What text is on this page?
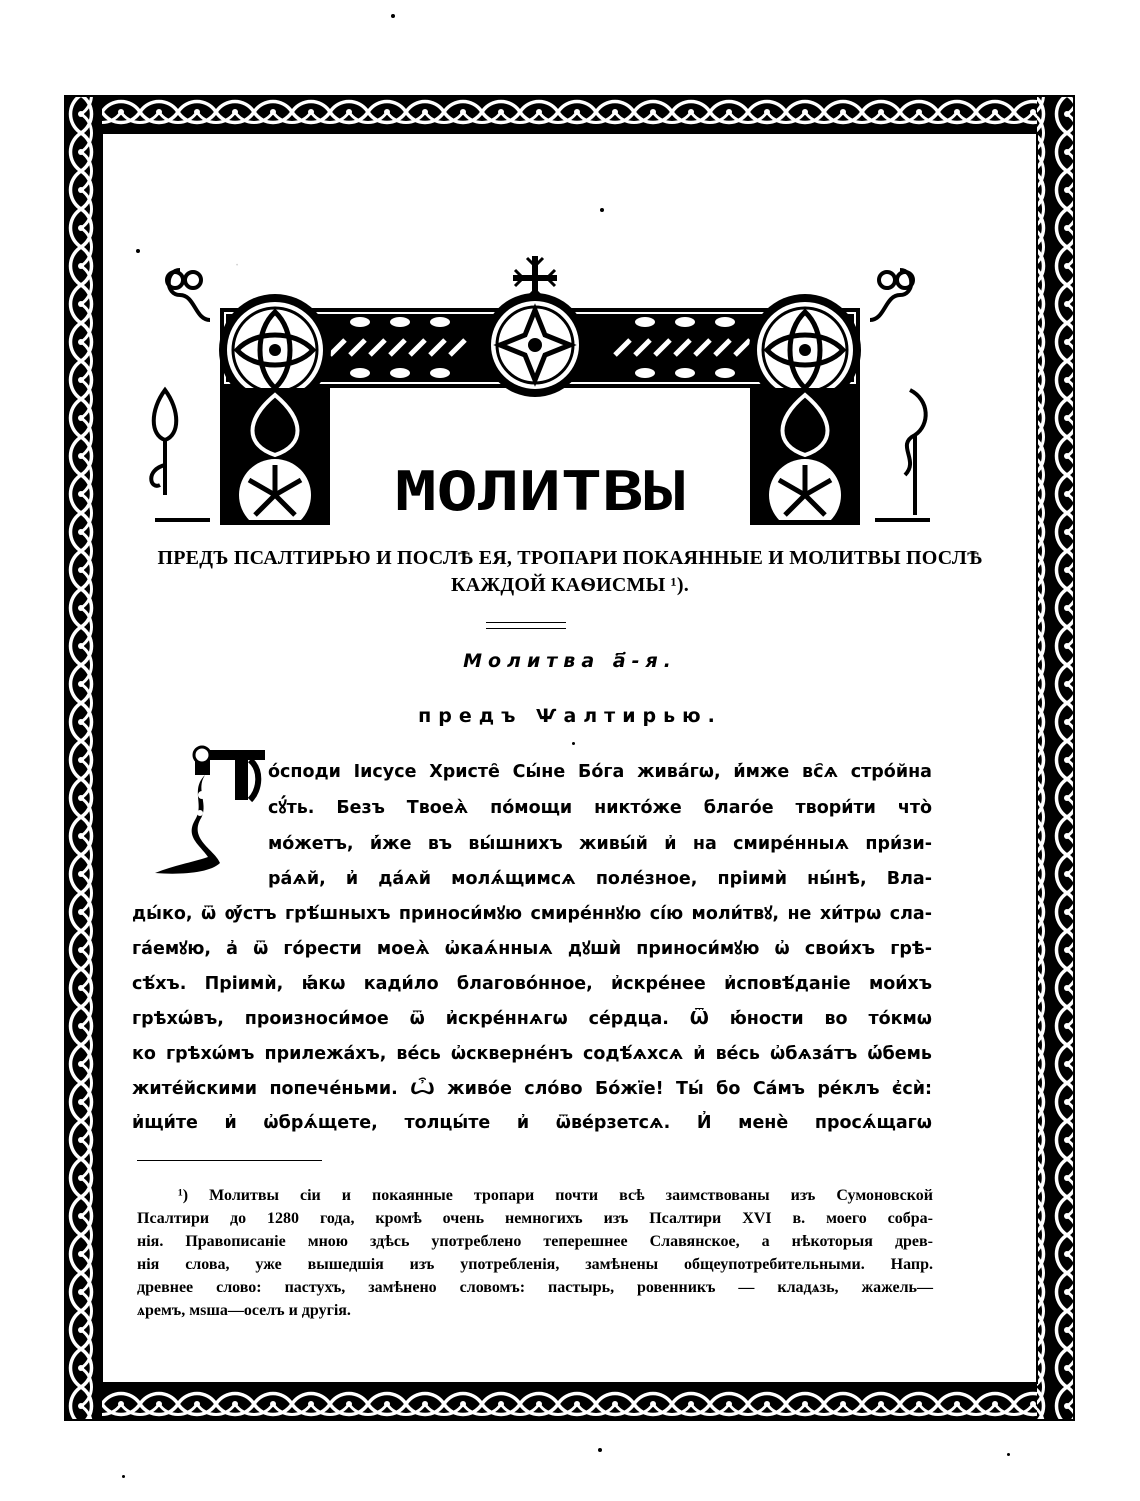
·
МОЛИТВЫ
ПРЕДЪ ПСАЛТИРЬЮ И ПОСЛѢ ЕЯ, ТРОПАРИ ПОКАЯННЫЕ И МОЛИТВЫ ПОСЛѢ
КАЖДОЙ КАѲИСМЫ ¹).
Молитва а҃-я.
предъ Ѱалтирью.
о́споди Іисусе Христе̑ Сы́не Бо́га жива́гѡ, и҆́мже вс҄ѧ стро́йна
сꙋ́ть. Безъ Твоеѧ̀ по́мощи никто́же благо́е твори́ти что̀
мо́жетъ, и҆́же въ вы́шнихъ живы́й и҆ на смире́нныѧ при́зи-
ра́ѧй, и҆ да́ѧй молѧ́щимсѧ поле́зное, пріимѝ ны́нѣ, Вла-
ды́ко, ѿ ѹ҆́стъ грѣ́шныхъ приноси́мꙋю смире́ннꙋю сі́ю моли́твꙋ, не хи́трѡ сла-
га́емꙋю, а҆ ѿ го́рести моеѧ̀ ѡ҆каѧ́нныѧ дꙋшѝ приноси́мꙋю ѡ҆ свои́хъ грѣ-
сѣ́хъ. Пріимѝ, ꙗ҆́кѡ кади́ло благово́нное, и҆скре́нее и҆сповѣ́даніе мои́хъ
грѣхѡ́въ, произноси́мое ѿ и҆скре́ннѧгѡ се́рдца. Ѿ ю҆́ности во то́кмѡ
ко грѣхѡ́мъ прилежа́хъ, ве́сь ѡ҆скверне́нъ содѣ́ѧхсѧ и҆ ве́сь ѡ҆бѧза́тъ ѡ҆́бемь
жите́йскими попече́ньми. Ѽ живо́е сло́во Бо́жїе! Ты́ бо Са́мъ ре́клъ є҆сѝ:
и҆щи́те и҆ ѡ҆брѧ́щете, толцы́те и҆ ѿве́рзетсѧ. И҆ менѐ просѧ́щагѡ
¹) Молитвы сіи и покаянные тропари почти всѣ заимствованы изъ Сумоновской
Псалтири до 1280 года, кромѣ очень немногихъ изъ Псалтири XVI в. моего собра-
нія. Правописаніе мною здѣсь употреблено теперешнее Славянское, а нѣкоторыя древ-
нія слова, уже вышедшія изъ употребленія, замѣнены общеупотребительными. Напр.
древнее слово: пастухъ, замѣнено словомъ: пастырь, ровенникъ — кладѧзь, жажель—
ѧремъ, мѕша—оселъ и другія.
